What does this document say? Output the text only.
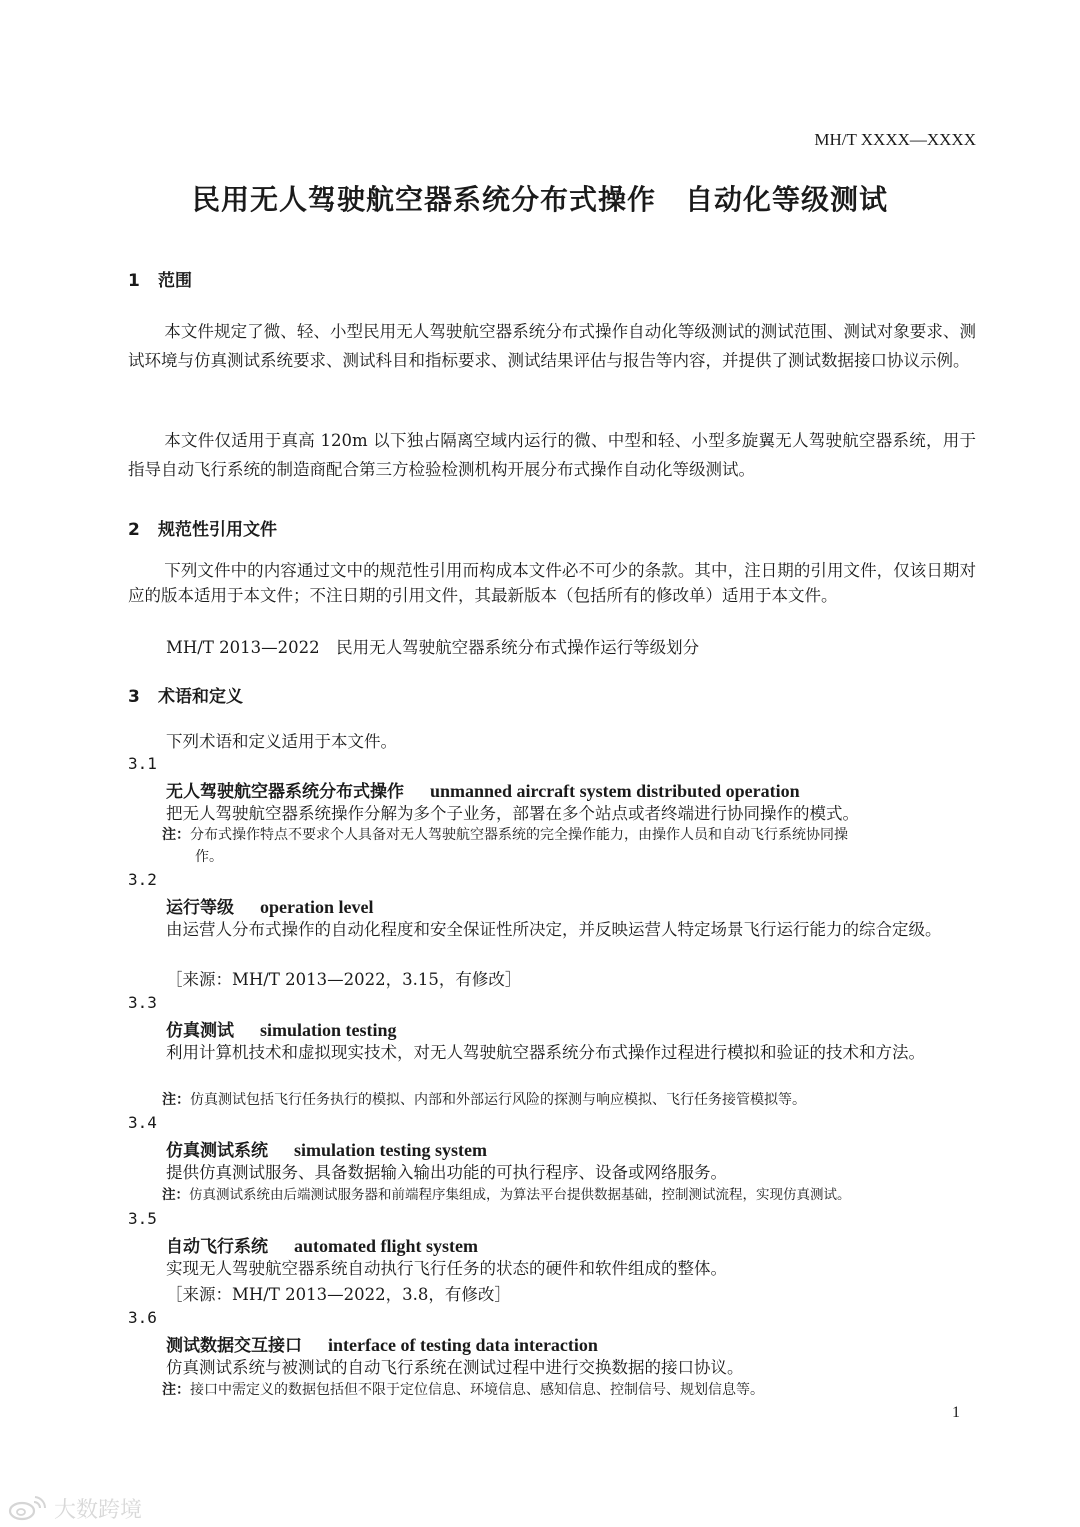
MH/T XXXX—XXXX
民用无人驾驶航空器系统分布式操作　自动化等级测试
1 范围
本文件规定了微、轻、小型民用无人驾驶航空器系统分布式操作自动化等级测试的测试范围、测试对象要求、测试环境与仿真测试系统要求、测试科目和指标要求、测试结果评估与报告等内容，并提供了测试数据接口协议示例。
本文件仅适用于真高 120m 以下独占隔离空域内运行的微、中型和轻、小型多旋翼无人驾驶航空器系统，用于指导自动飞行系统的制造商配合第三方检验检测机构开展分布式操作自动化等级测试。
2 规范性引用文件
下列文件中的内容通过文中的规范性引用而构成本文件必不可少的条款。其中，注日期的引用文件，仅该日期对应的版本适用于本文件；不注日期的引用文件，其最新版本（包括所有的修改单）适用于本文件。
MH/T 2013—2022　民用无人驾驶航空器系统分布式操作运行等级划分
3 术语和定义
下列术语和定义适用于本文件。
3.1
无人驾驶航空器系统分布式操作 unmanned aircraft system distributed operation
把无人驾驶航空器系统操作分解为多个子业务，部署在多个站点或者终端进行协同操作的模式。
注：分布式操作特点不要求个人具备对无人驾驶航空器系统的完全操作能力，由操作人员和自动飞行系统协同操
作。
3.2
运行等级 operation level
由运营人分布式操作的自动化程度和安全保证性所决定，并反映运营人特定场景飞行运行能力的综合定级。
［来源：MH/T 2013—2022，3.15，有修改］
3.3
仿真测试 simulation testing
利用计算机技术和虚拟现实技术，对无人驾驶航空器系统分布式操作过程进行模拟和验证的技术和方法。
注：仿真测试包括飞行任务执行的模拟、内部和外部运行风险的探测与响应模拟、飞行任务接管模拟等。
3.4
仿真测试系统 simulation testing system
提供仿真测试服务、具备数据输入输出功能的可执行程序、设备或网络服务。
注：仿真测试系统由后端测试服务器和前端程序集组成，为算法平台提供数据基础，控制测试流程，实现仿真测试。
3.5
自动飞行系统 automated flight system
实现无人驾驶航空器系统自动执行飞行任务的状态的硬件和软件组成的整体。
［来源：MH/T 2013—2022，3.8，有修改］
3.6
测试数据交互接口 interface of testing data interaction
仿真测试系统与被测试的自动飞行系统在测试过程中进行交换数据的接口协议。
注：接口中需定义的数据包括但不限于定位信息、环境信息、感知信息、控制信号、规划信息等。
1
大数跨境
